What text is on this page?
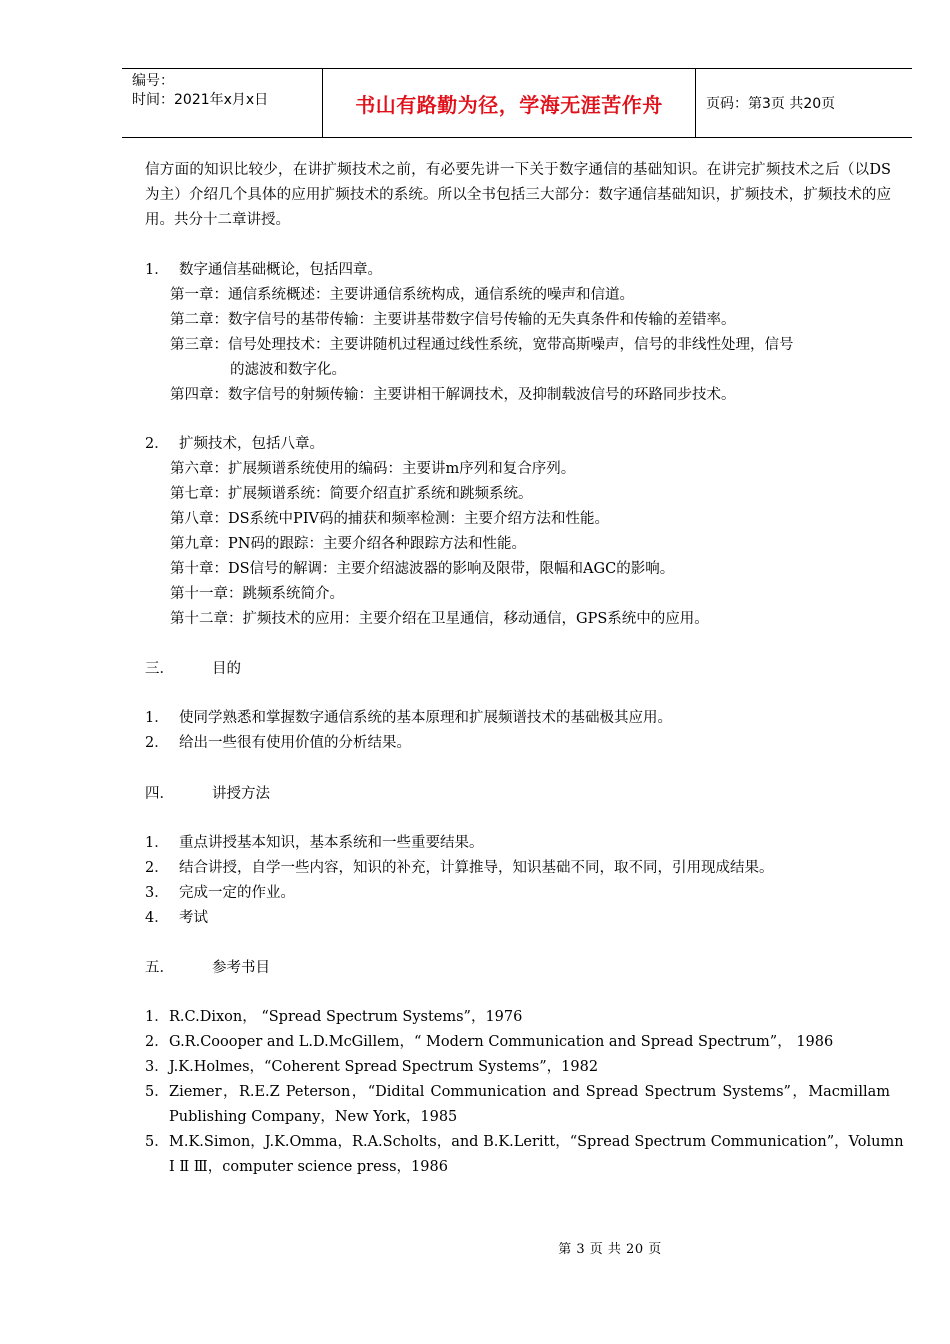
编号：
时间：2021年x月x日	书山有路勤为径，学海无涯苦作舟	页码：第3页 共20页
信方面的知识比较少，在讲扩频技术之前，有必要先讲一下关于数字通信的基础知识。在讲完扩频技术之后（以DS为主）介绍几个具体的应用扩频技术的系统。所以全书包括三大部分：数字通信基础知识，扩频技术，扩频技术的应用。共分十二章讲授。
1． 数字通信基础概论，包括四章。
第一章：通信系统概述：主要讲通信系统构成，通信系统的噪声和信道。
第二章：数字信号的基带传输：主要讲基带数字信号传输的无失真条件和传输的差错率。
第三章：信号处理技术：主要讲随机过程通过线性系统，宽带高斯噪声，信号的非线性处理，信号
的滤波和数字化。
第四章：数字信号的射频传输：主要讲相干解调技术，及抑制载波信号的环路同步技术。
2． 扩频技术，包括八章。
第六章：扩展频谱系统使用的编码：主要讲m序列和复合序列。
第七章：扩展频谱系统：简要介绍直扩系统和跳频系统。
第八章：DS系统中PIV码的捕获和频率检测：主要介绍方法和性能。
第九章：PN码的跟踪：主要介绍各种跟踪方法和性能。
第十章：DS信号的解调：主要介绍滤波器的影响及限带，限幅和AGC的影响。
第十一章：跳频系统简介。
第十二章：扩频技术的应用：主要介绍在卫星通信，移动通信，GPS系统中的应用。
三．	目的
1． 使同学熟悉和掌握数字通信系统的基本原理和扩展频谱技术的基础极其应用。
2． 给出一些很有使用价值的分析结果。
四．	讲授方法
1． 重点讲授基本知识，基本系统和一些重要结果。
2． 结合讲授，自学一些内容，知识的补充，计算推导，知识基础不同，取不同，引用现成结果。
3． 完成一定的作业。
4． 考试
五．	参考书目
1．R.C.Dixon， “Spread Spectrum Systems”，1976
2．G.R.Coooper and L.D.McGillem，“ Modern Communication and Spread Spectrum”， 1986
3．J.K.Holmes，“Coherent Spread Spectrum Systems”，1982
5．Ziemer，R.E.Z Peterson，“Didital Communication and Spread Spectrum Systems”，Macmillam
Publishing Company，New York，1985
5．M.K.Simon，J.K.Omma，R.A.Scholts，and B.K.Leritt，“Spread Spectrum Communication”，Volumn
Ⅰ Ⅱ Ⅲ，computer science press，1986
第 3 页 共 20 页
